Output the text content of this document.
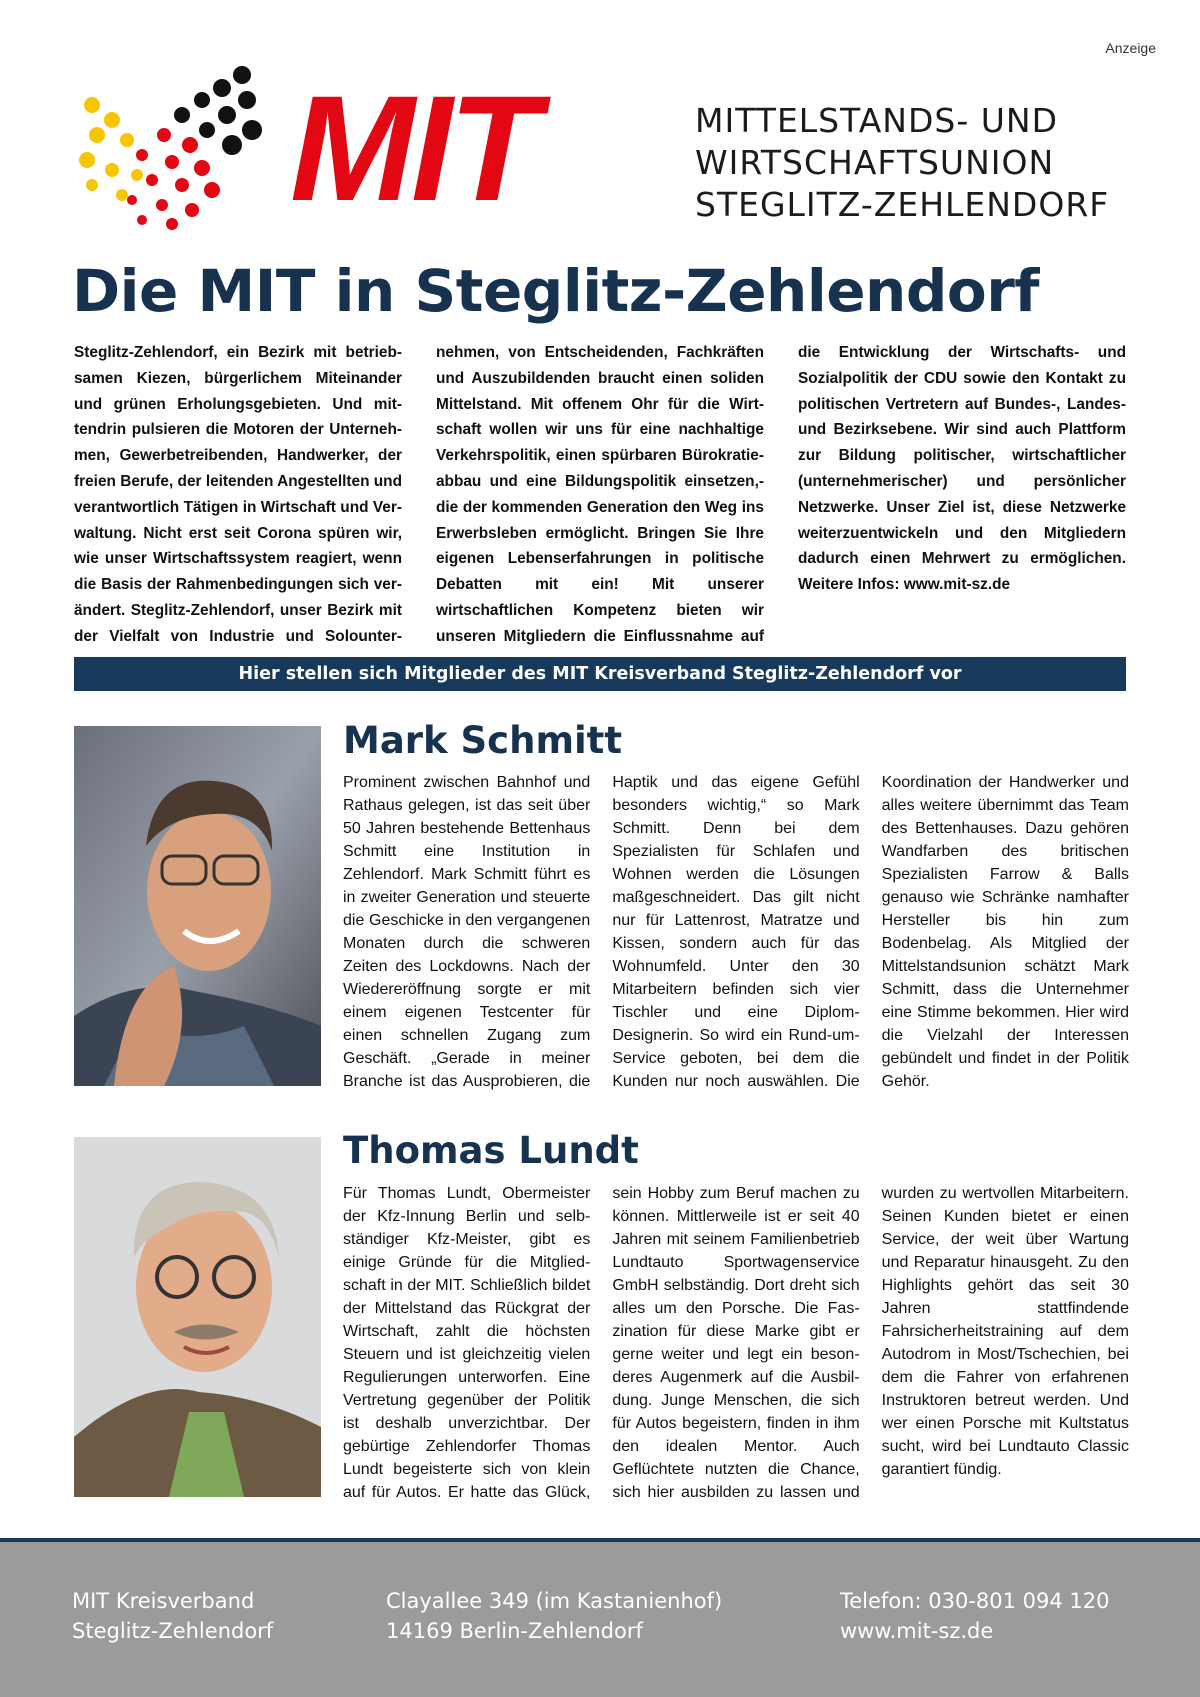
Anzeige
MIT	MITTELSTANDS- UND
WIRTSCHAFTSUNION
STEGLITZ-ZEHLENDORF
Die MIT in Steglitz-Zehlendorf

Steglitz-Zehlendorf, ein Bezirk mit betriebsamen Kiezen, bürgerlichem Miteinander und grünen Erholungsgebieten. Und mittendrin pulsieren die Motoren der Unternehmen, Gewerbetreibenden, Handwerker, der freien Berufe, der leitenden Angestellten und verantwortlich Tätigen in Wirtschaft und Verwaltung. Nicht erst seit Corona spüren wir, wie unser Wirtschaftssystem reagiert, wenn die Basis der Rahmenbedingungen sich verändert. Steglitz-Zehlendorf, unser Bezirk mit der Vielfalt von Industrie und Solounternehmen, von Entscheidenden, Fachkräften und Auszubildenden braucht einen soliden Mittelstand. Mit offenem Ohr für die Wirtschaft wollen wir uns für eine nachhaltige Verkehrspolitik, einen spürbaren Bürokratieabbau und eine Bildungspolitik einsetzen,- die der kommenden Generation den Weg ins Erwerbsleben ermöglicht. Bringen Sie Ihre eigenen Lebenserfahrungen in politische Debatten mit ein! Mit unserer wirtschaftlichen Kompetenz bieten wir unseren Mitgliedern die Einflussnahme auf die Entwicklung der Wirtschafts- und Sozialpolitik der CDU sowie den Kontakt zu politischen Vertretern auf Bundes-, Landes- und Bezirksebene. Wir sind auch Plattform zur Bildung politischer, wirtschaftlicher (unternehmerischer) und persönlicher Netzwerke. Unser Ziel ist, diese Netzwerke weiterzuentwickeln und den Mitgliedern dadurch einen Mehrwert zu ermöglichen. Weitere Infos: www.mit-sz.de

Hier stellen sich Mitglieder des MIT Kreisverband Steglitz-Zehlendorf vor
Mark Schmitt

Prominent zwischen Bahnhof und Rathaus gelegen, ist das seit über 50 Jahren bestehende Bettenhaus Schmitt eine Institution in Zehlendorf. Mark Schmitt führt es in zweiter Generation und steuerte die Geschicke in den vergangenen Monaten durch die schweren Zeiten des Lockdowns. Nach der Wiedereröffnung sorgte er mit einem eigenen Testcenter für einen schnellen Zugang zum Geschäft. „Gerade in meiner Branche ist das Ausprobieren, die Haptik und das eigene Gefühl besonders wichtig,“ so Mark Schmitt. Denn bei dem Spezialisten für Schlafen und Wohnen werden die Lösungen maßgeschneidert. Das gilt nicht nur für Lattenrost, Matratze und Kissen, sondern auch für das Wohnumfeld. Unter den 30 Mitarbeitern befinden sich vier Tischler und eine Diplom-Designerin. So wird ein Rund-um-Service geboten, bei dem die Kunden nur noch auswählen. Die Koordination der Handwerker und alles weitere übernimmt das Team des Bettenhauses. Dazu gehören Wandfarben des britischen Spezialisten Farrow & Balls genauso wie Schränke namhafter Hersteller bis hin zum Bodenbelag. Als Mitglied der Mittelstandsunion schätzt Mark Schmitt, dass die Unternehmer eine Stimme bekommen. Hier wird die Vielzahl der Interessen gebündelt und findet in der Politik Gehör.

Thomas Lundt

Für Thomas Lundt, Obermeister der Kfz-Innung Berlin und selbständiger Kfz-Meister, gibt es einige Gründe für die Mitgliedschaft in der MIT. Schließlich bildet der Mittelstand das Rückgrat der Wirtschaft, zahlt die höchsten Steuern und ist gleichzeitig vielen Regulierungen unterworfen. Eine Vertretung gegenüber der Politik ist deshalb unverzichtbar. Der gebürtige Zehlendorfer Thomas Lundt begeisterte sich von klein auf für Autos. Er hatte das Glück, sein Hobby zum Beruf machen zu können. Mittlerweile ist er seit 40 Jahren mit seinem Familienbetrieb Lundtauto Sportwagenservice GmbH selbständig. Dort dreht sich alles um den Porsche. Die Faszination für diese Marke gibt er gerne weiter und legt ein besonderes Augenmerk auf die Ausbildung. Junge Menschen, die sich für Autos begeistern, finden in ihm den idealen Mentor. Auch Geflüchtete nutzten die Chance, sich hier ausbilden zu lassen und wurden zu wertvollen Mitarbeitern. Seinen Kunden bietet er einen Service, der weit über Wartung und Reparatur hinausgeht. Zu den Highlights gehört das seit 30 Jahren stattfindende Fahrsicherheitstraining auf dem Autodrom in Most/Tschechien, bei dem die Fahrer von erfahrenen Instruktoren betreut werden. Und wer einen Porsche mit Kultstatus sucht, wird bei Lundtauto Classic garantiert fündig.

MIT Kreisverband
Steglitz-Zehlendorf
Clayallee 349 (im Kastanienhof)
14169 Berlin-Zehlendorf
Telefon: 030-801 094 120
www.mit-sz.de
